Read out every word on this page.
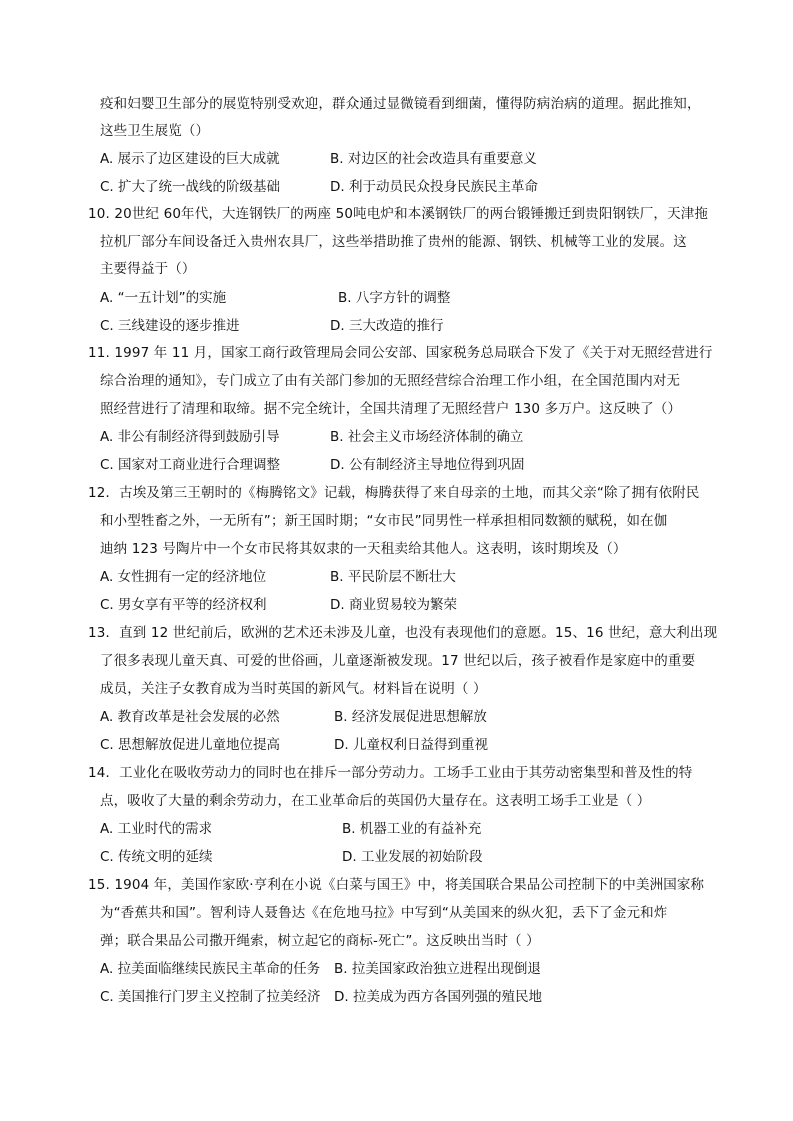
疫和妇婴卫生部分的展览特别受欢迎，群众通过显微镜看到细菌，懂得防病治病的道理。据此推知，
这些卫生展览（）
A. 展示了边区建设的巨大成就	B. 对边区的社会改造具有重要意义
C. 扩大了统一战线的阶级基础	D. 利于动员民众投身民族民主革命
10. 20世纪 60年代，大连钢铁厂的两座 50吨电炉和本溪钢铁厂的两台锻锤搬迁到贵阳钢铁厂，天津拖
拉机厂部分车间设备迁入贵州农具厂，这些举措助推了贵州的能源、钢铁、机械等工业的发展。这
主要得益于（）
A. “一五计划”的实施	B. 八字方针的调整
C. 三线建设的逐步推进	D. 三大改造的推行
11. 1997 年 11 月，国家工商行政管理局会同公安部、国家税务总局联合下发了《关于对无照经营进行
综合治理的通知》，专门成立了由有关部门参加的无照经营综合治理工作小组，在全国范围内对无
照经营进行了清理和取缔。据不完全统计，全国共清理了无照经营户 130 多万户。这反映了（）
A. 非公有制经济得到鼓励引导	B. 社会主义市场经济体制的确立
C. 国家对工商业进行合理调整	D. 公有制经济主导地位得到巩固
12．古埃及第三王朝时的《梅腾铭文》记载，梅腾获得了来自母亲的土地，而其父亲“除了拥有依附民
和小型牲畜之外，一无所有”；新王国时期；“女市民”同男性一样承担相同数额的赋税，如在伽
迪纳 123 号陶片中一个女市民将其奴隶的一天租卖给其他人。这表明，该时期埃及（）
A. 女性拥有一定的经济地位	B. 平民阶层不断壮大
C. 男女享有平等的经济权利	D. 商业贸易较为繁荣
13．直到 12 世纪前后，欧洲的艺术还未涉及儿童，也没有表现他们的意愿。15、16 世纪，意大利出现
了很多表现儿童天真、可爱的世俗画，儿童逐渐被发现。17 世纪以后，孩子被看作是家庭中的重要
成员，关注子女教育成为当时英国的新风气。材料旨在说明（ ）
A. 教育改革是社会发展的必然	B. 经济发展促进思想解放
C. 思想解放促进儿童地位提高	D. 儿童权利日益得到重视
14．工业化在吸收劳动力的同时也在排斥一部分劳动力。工场手工业由于其劳动密集型和普及性的特
点，吸收了大量的剩余劳动力，在工业革命后的英国仍大量存在。这表明工场手工业是（ ）
A. 工业时代的需求	B. 机器工业的有益补充
C. 传统文明的延续	D. 工业发展的初始阶段
15. 1904 年，美国作家欧·亨利在小说《白菜与国王》中，将美国联合果品公司控制下的中美洲国家称
为“香蕉共和国”。智利诗人聂鲁达《在危地马拉》中写到“从美国来的纵火犯，丢下了金元和炸
弹；联合果品公司撒开绳索，树立起它的商标-死亡”。这反映出当时（ ）
A. 拉美面临继续民族民主革命的任务 B. 拉美国家政治独立进程出现倒退
C. 美国推行门罗主义控制了拉美经济 D. 拉美成为西方各国列强的殖民地
